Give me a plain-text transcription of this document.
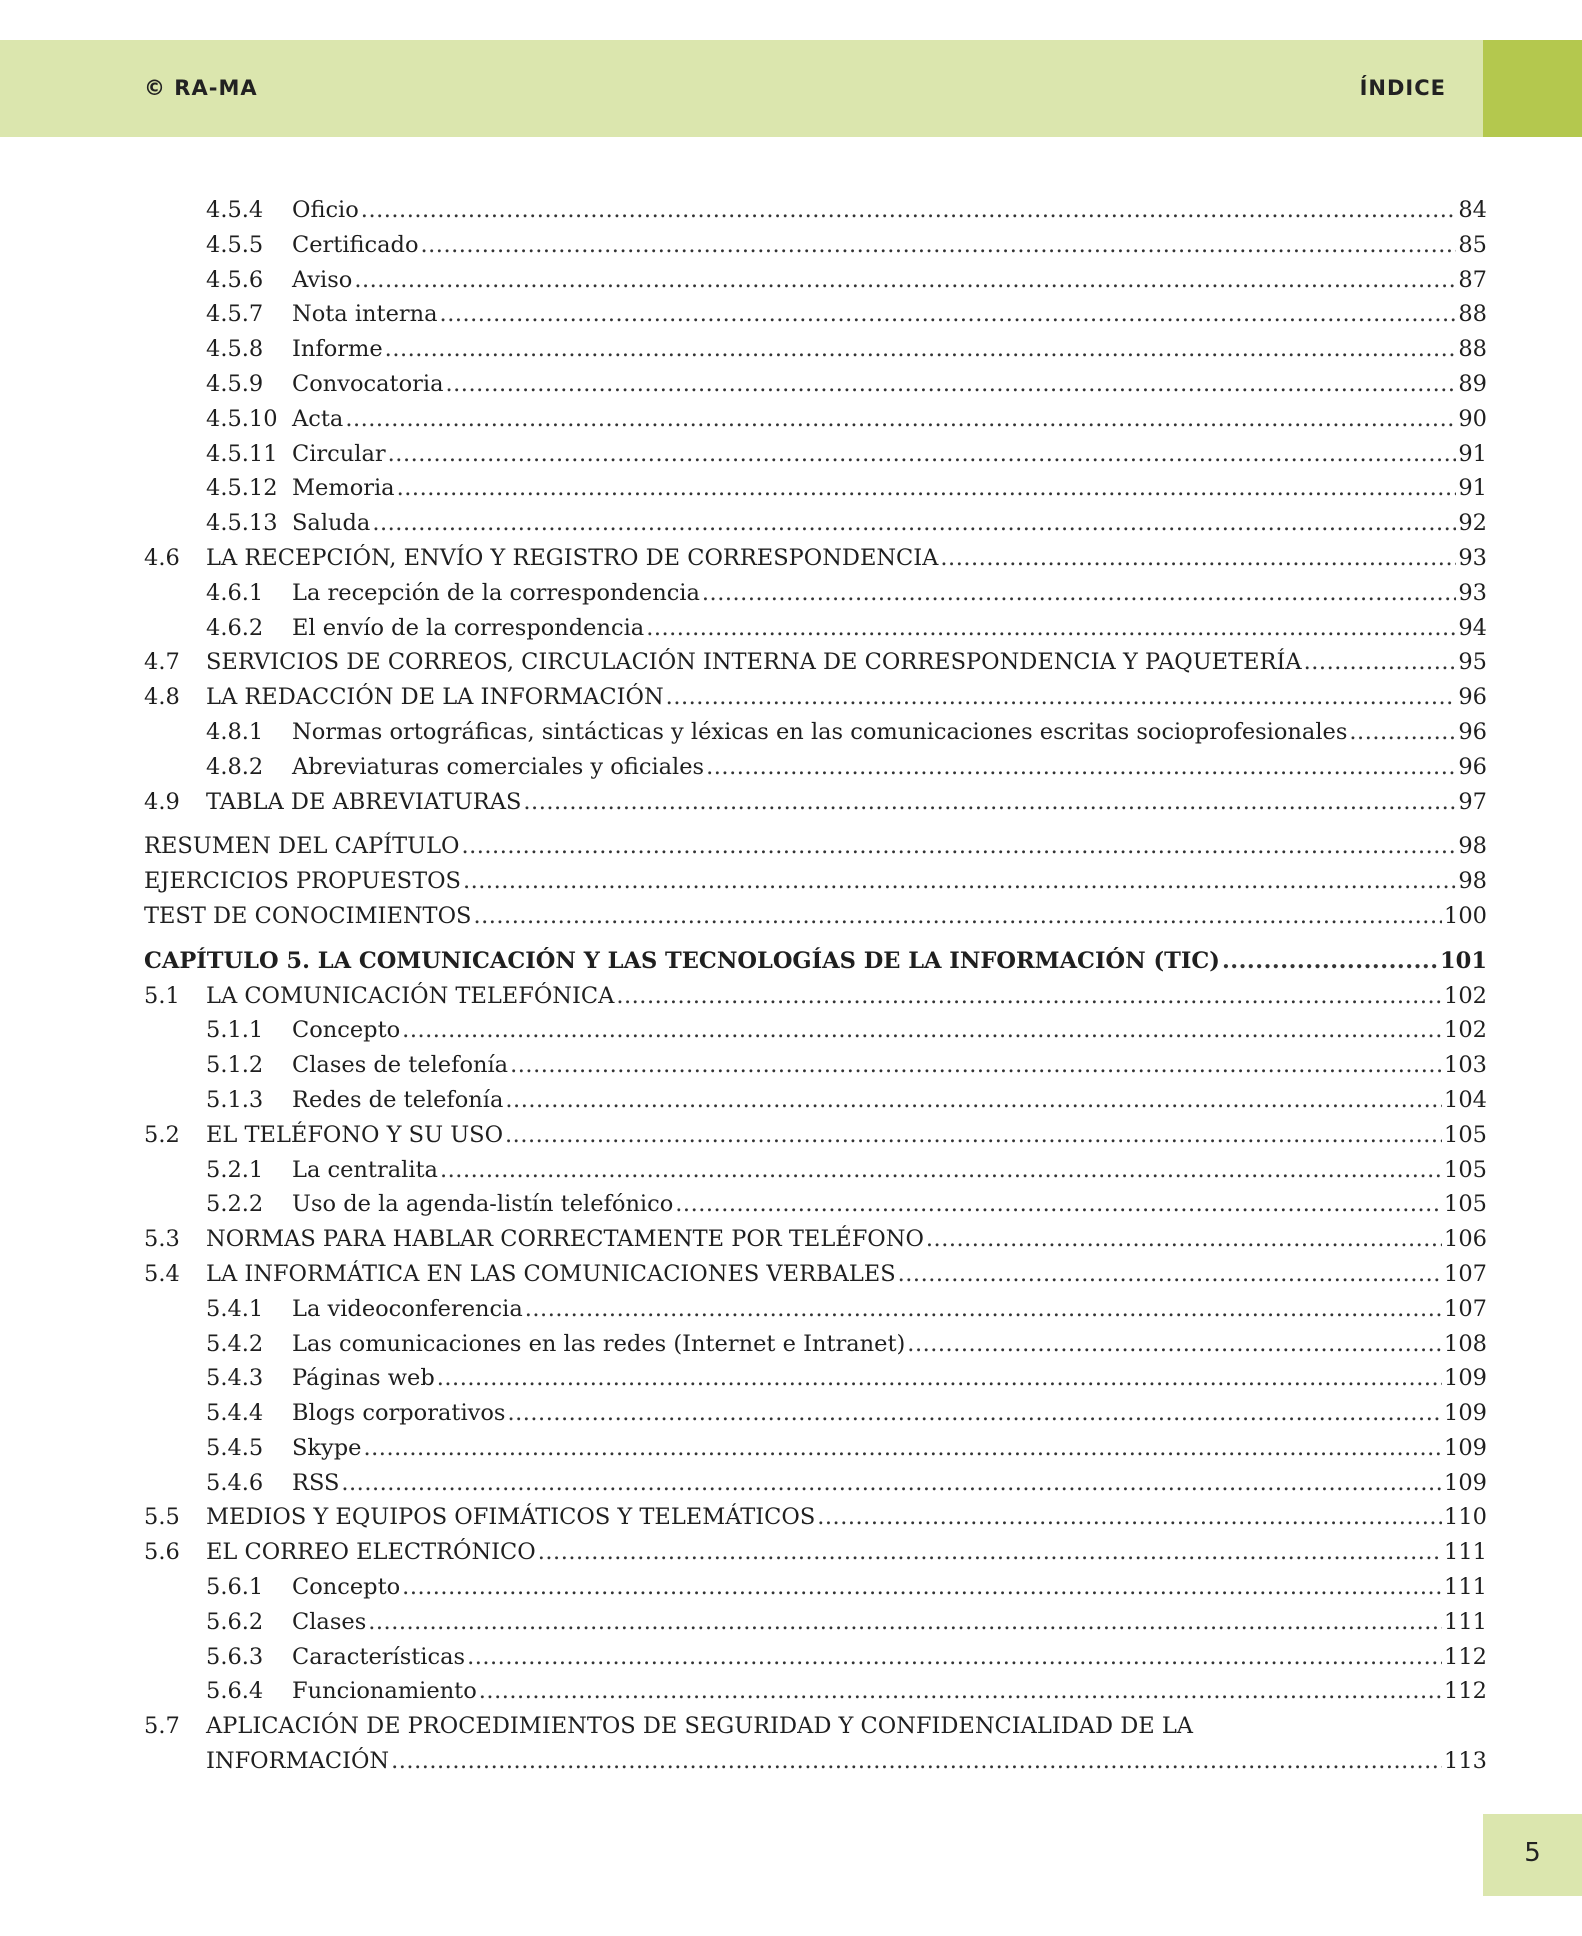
© RA-MA	ÍNDICE
4.5.4	Oficio .....	84
4.5.5	Certificado .....	85
4.5.6	Aviso .....	87
4.5.7	Nota interna .....	88
4.5.8	Informe .....	88
4.5.9	Convocatoria .....	89
4.5.10 Acta .....	90
4.5.11 Circular .....	91
4.5.12 Memoria .....	91
4.5.13 Saluda .....	92
4.6	LA RECEPCIÓN, ENVÍO Y REGISTRO DE CORRESPONDENCIA .....	93
4.6.1	La recepción de la correspondencia .....	93
4.6.2	El envío de la correspondencia .....	94
4.7	SERVICIOS DE CORREOS, CIRCULACIÓN INTERNA DE CORRESPONDENCIA Y PAQUETERÍA .....	95
4.8	LA REDACCIÓN DE LA INFORMACIÓN .....	96
4.8.1	Normas ortográficas, sintácticas y léxicas en las comunicaciones escritas socioprofesionales .....	96
4.8.2	Abreviaturas comerciales y oficiales .....	96
4.9	TABLA DE ABREVIATURAS .....	97
RESUMEN DEL CAPÍTULO .....	98
EJERCICIOS PROPUESTOS .....	98
TEST DE CONOCIMIENTOS .....	100
CAPÍTULO 5. LA COMUNICACIÓN Y LAS TECNOLOGÍAS DE LA INFORMACIÓN (TIC) .....	101
5.1	LA COMUNICACIÓN TELEFÓNICA .....	102
5.1.1	Concepto .....	102
5.1.2	Clases de telefonía .....	103
5.1.3	Redes de telefonía .....	104
5.2	EL TELÉFONO Y SU USO .....	105
5.2.1	La centralita .....	105
5.2.2	Uso de la agenda-listín telefónico .....	105
5.3	NORMAS PARA HABLAR CORRECTAMENTE POR TELÉFONO .....	106
5.4	LA INFORMÁTICA EN LAS COMUNICACIONES VERBALES .....	107
5.4.1	La videoconferencia .....	107
5.4.2	Las comunicaciones en las redes (Internet e Intranet) .....	108
5.4.3	Páginas web .....	109
5.4.4	Blogs corporativos .....	109
5.4.5	Skype .....	109
5.4.6	RSS .....	109
5.5	MEDIOS Y EQUIPOS OFIMÁTICOS Y TELEMÁTICOS .....	110
5.6	EL CORREO ELECTRÓNICO .....	111
5.6.1	Concepto .....	111
5.6.2	Clases .....	111
5.6.3	Características .....	112
5.6.4	Funcionamiento .....	112
5.7	APLICACIÓN DE PROCEDIMIENTOS DE SEGURIDAD Y CONFIDENCIALIDAD DE LA
INFORMACIÓN .....	113
5
